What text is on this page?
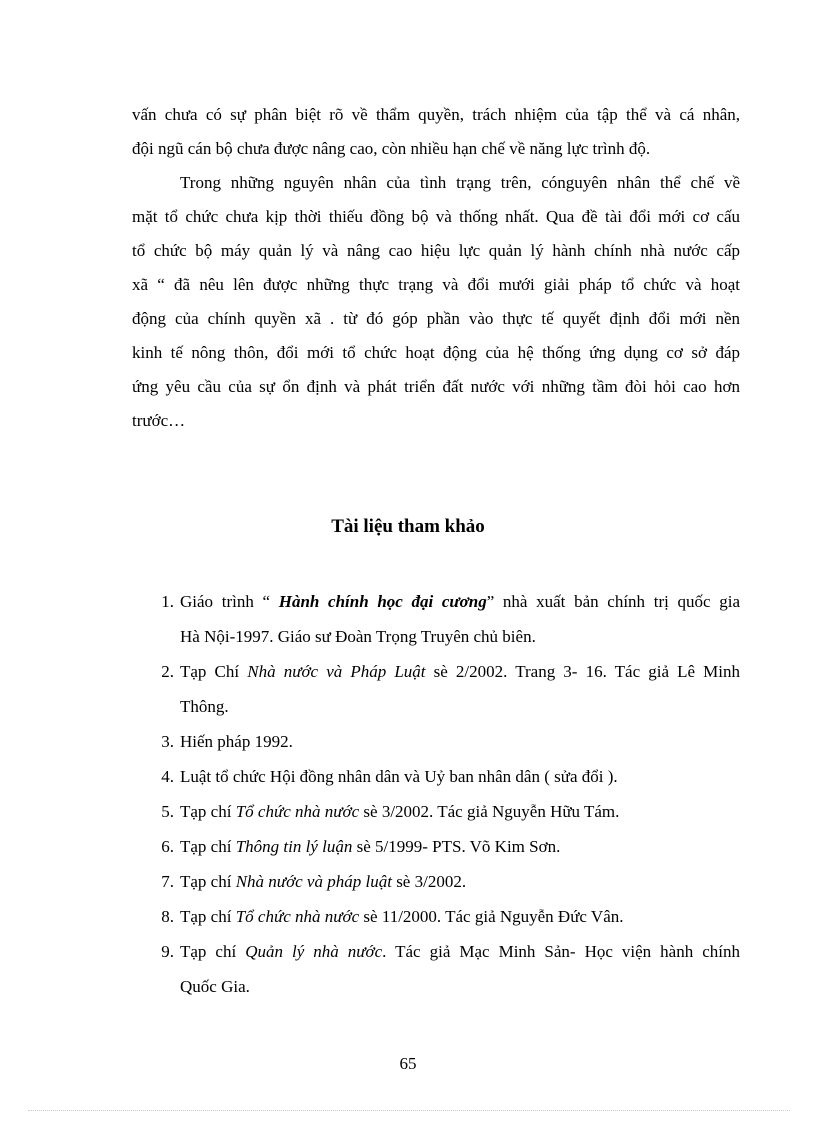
vấn chưa có sự phân biệt rõ về thẩm quyền, trách nhiệm của tập thể và cá nhân,
đội ngũ cán bộ chưa được nâng cao, còn nhiều hạn chế về năng lực trình độ.
Trong những nguyên nhân của tình trạng trên, cónguyên nhân thể chế về
mặt tổ chức chưa kịp thời thiếu đồng bộ và thống nhất. Qua đề tài đổi mới cơ cấu
tổ chức bộ máy quản lý và nâng cao hiệu lực quản lý hành chính nhà nước cấp
xã “ đã nêu lên được những thực trạng và đổi mưới giải pháp tổ chức và hoạt
động của chính quyền xã . từ đó góp phần vào thực tế quyết định đổi mới nền
kinh tế nông thôn, đổi mới tổ chức hoạt động của hệ thống ứng dụng cơ sở đáp
ứng yêu cầu của sự ổn định và phát triển đất nước với những tầm đòi hỏi cao hơn
trước…
Tài liệu tham khảo
1. Giáo trình “ Hành chính học đại cương” nhà xuất bản chính trị quốc gia
Hà Nội-1997. Giáo sư Đoàn Trọng Truyên chủ biên.
2. Tạp Chí Nhà nước và Pháp Luật sè 2/2002. Trang 3- 16. Tác giả Lê Minh
Thông.
3. Hiến pháp 1992.
4. Luật tổ chức Hội đồng nhân dân và Uỷ ban nhân dân ( sửa đổi ).
5. Tạp chí Tổ chức nhà nước sè 3/2002. Tác giả Nguyễn Hữu Tám.
6. Tạp chí Thông tin lý luận sè 5/1999- PTS. Võ Kim Sơn.
7. Tạp chí Nhà nước và pháp luật sè 3/2002.
8. Tạp chí Tổ chức nhà nước sè 11/2000. Tác giả Nguyễn Đức Vân.
9. Tạp chí Quản lý nhà nước. Tác giả Mạc Minh Sản- Học viện hành chính
Quốc Gia.
65
